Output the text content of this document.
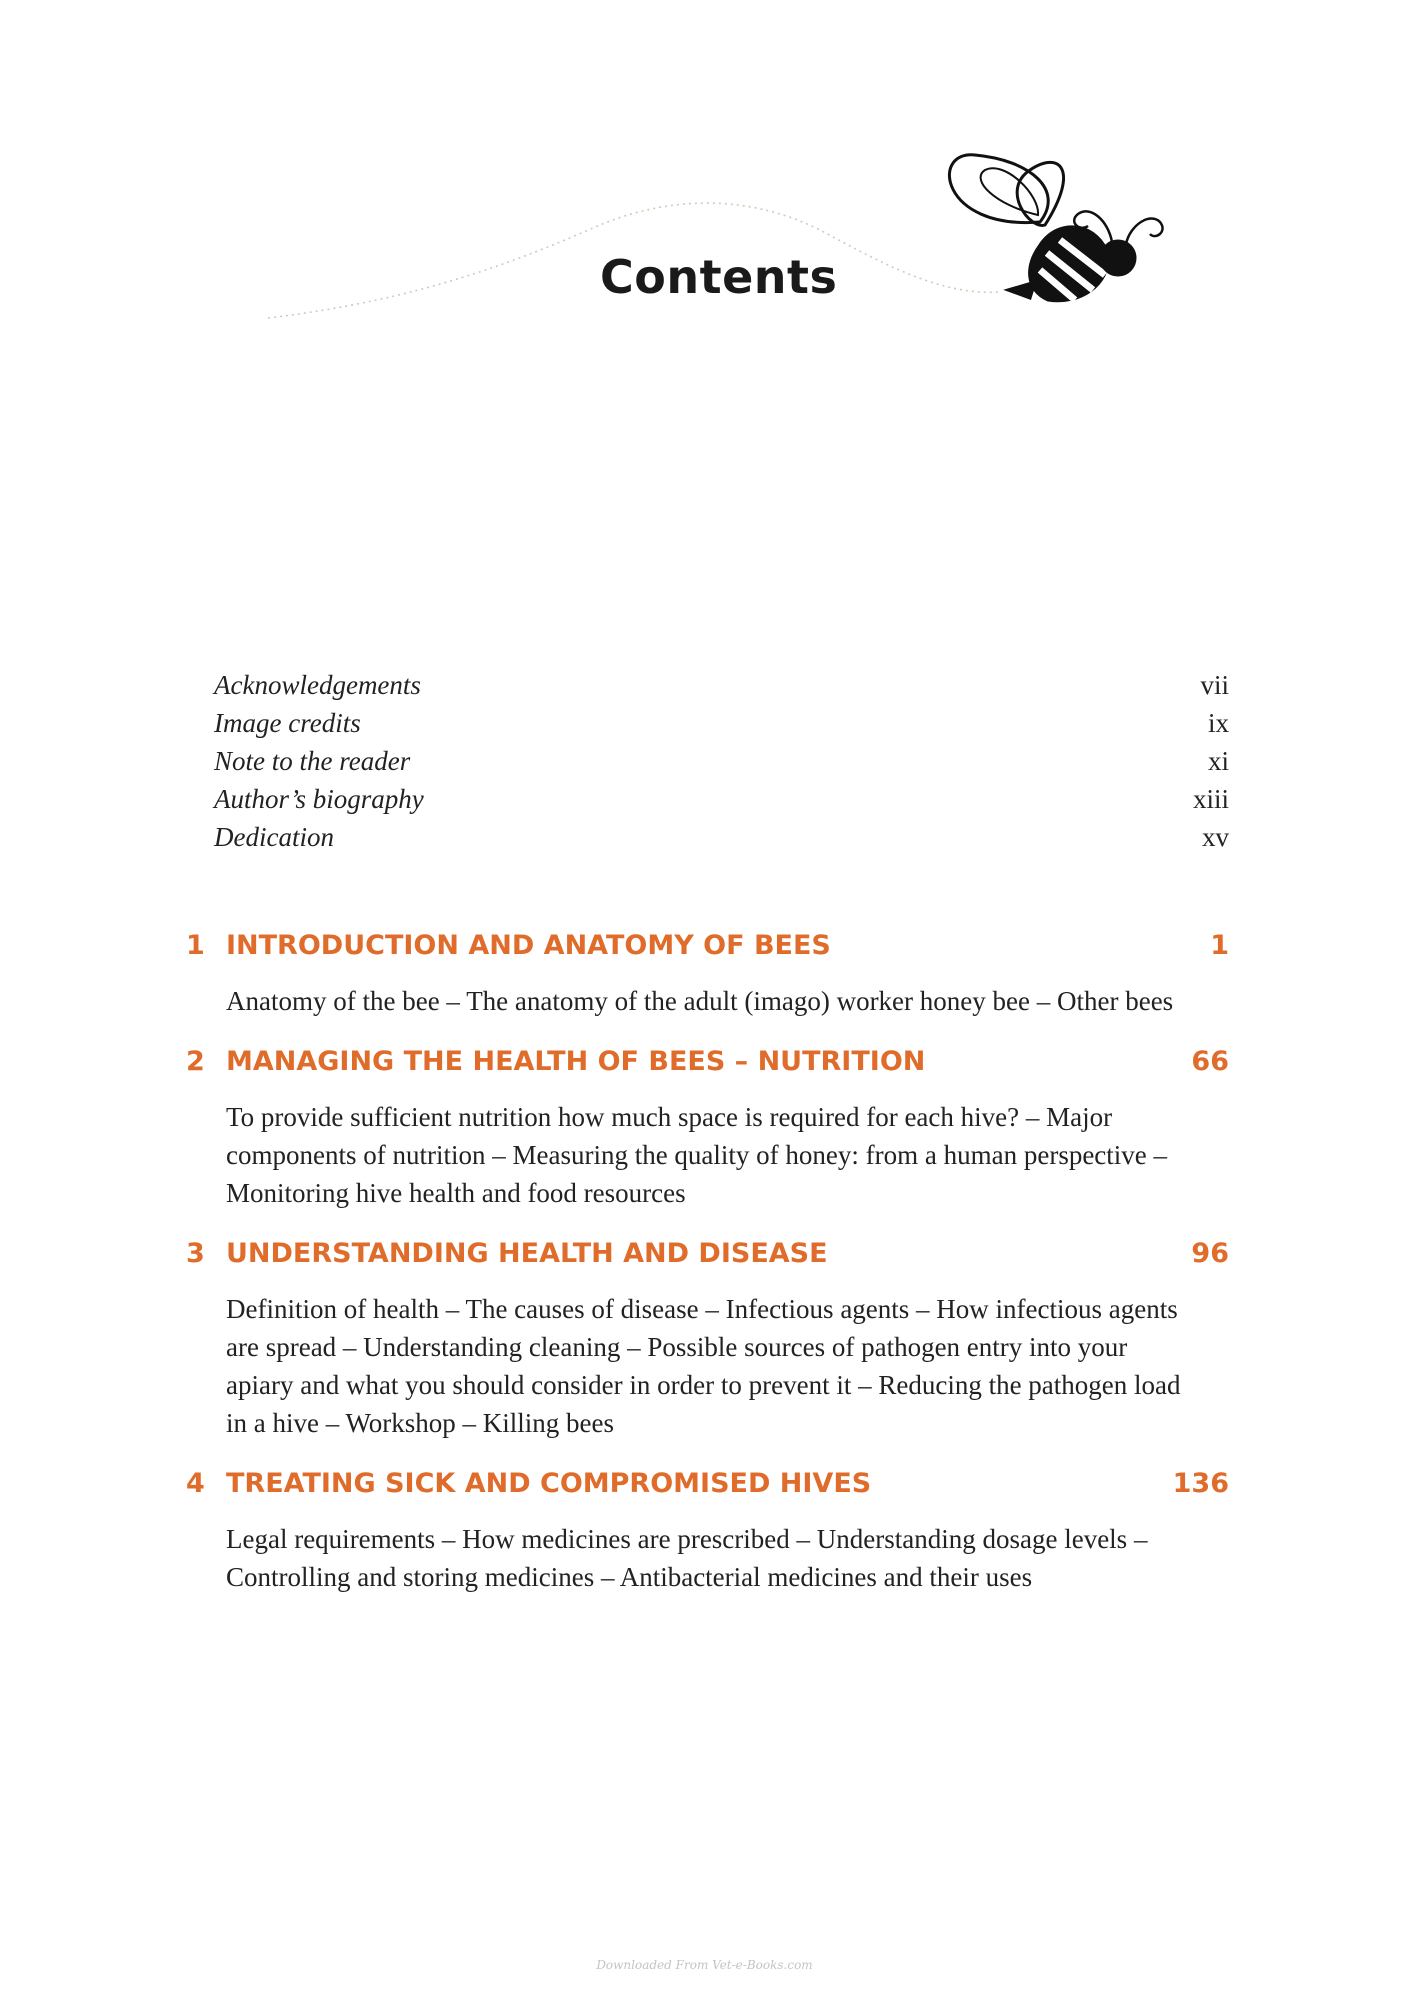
Contents
Acknowledgements	vii
Image credits	ix
Note to the reader	xi
Author’s biography	xiii
Dedication	xv
1 INTRODUCTION AND ANATOMY OF BEES	1
Anatomy of the bee – The anatomy of the adult (imago) worker honey bee – Other bees
2 MANAGING THE HEALTH OF BEES – NUTRITION	66
To provide sufficient nutrition how much space is required for each hive? – Major components of nutrition – Measuring the quality of honey: from a human perspective – Monitoring hive health and food resources
3 UNDERSTANDING HEALTH AND DISEASE	96
Definition of health – The causes of disease – Infectious agents – How infectious agents are spread – Understanding cleaning – Possible sources of pathogen entry into your apiary and what you should consider in order to prevent it – Reducing the pathogen load in a hive – Workshop – Killing bees
4 TREATING SICK AND COMPROMISED HIVES	136
Legal requirements – How medicines are prescribed – Understanding dosage levels – Controlling and storing medicines – Antibacterial medicines and their uses
Downloaded From Vet-e-Books.com
